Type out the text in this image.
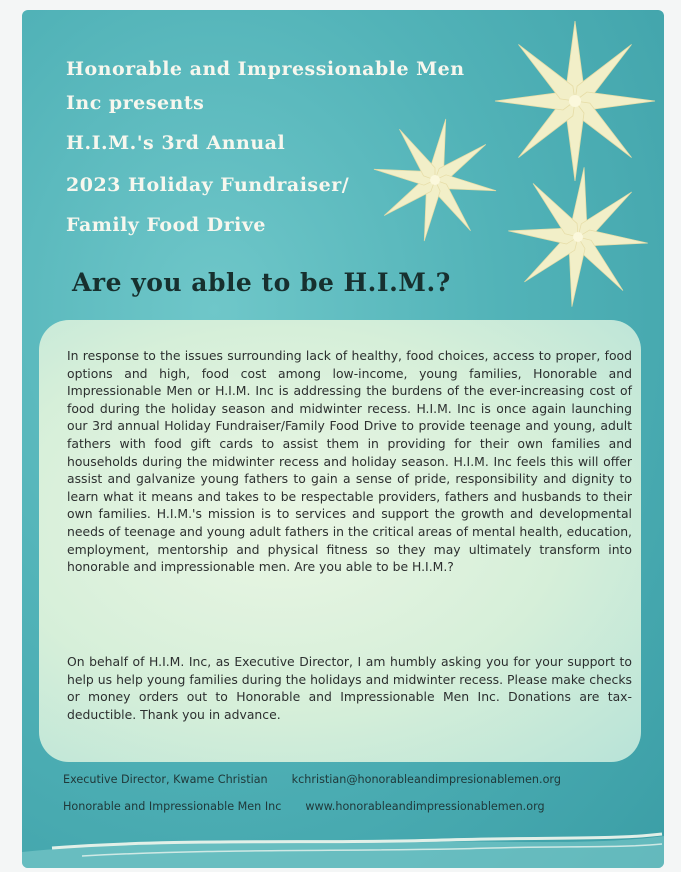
Honorable and Impressionable Men
Inc presents
H.I.M.'s 3rd Annual
2023 Holiday Fundraiser/
Family Food Drive
Are you able to be H.I.M.?

In response to the issues surrounding lack of healthy, food choices, access to proper, food options and high, food cost among low-income, young families, Honorable and Impressionable Men or H.I.M. Inc is addressing the burdens of the ever-increasing cost of food during the holiday season and midwinter recess. H.I.M. Inc is once again launching our 3rd annual Holiday Fundraiser/Family Food Drive to provide teenage and young, adult fathers with food gift cards to assist them in providing for their own families and households during the midwinter recess and holiday season. H.I.M. Inc feels this will offer assist and galvanize young fathers to gain a sense of pride, responsibility and dignity to learn what it means and takes to be respectable providers, fathers and husbands to their own families. H.I.M.'s mission is to services and support the growth and developmental needs of teenage and young adult fathers in the critical areas of mental health, education, employment, mentorship and physical fitness so they may ultimately transform into honorable and impressionable men. Are you able to be H.I.M.?

On behalf of H.I.M. Inc, as Executive Director, I am humbly asking you for your support to help us help young families during the holidays and midwinter recess. Please make checks or money orders out to Honorable and Impressionable Men Inc. Donations are tax-deductible. Thank you in advance.

Executive Director, Kwame Christian kchristian@honorableandimpresionablemen.org
Honorable and Impressionable Men Inc www.honorableandimpressionablemen.org
